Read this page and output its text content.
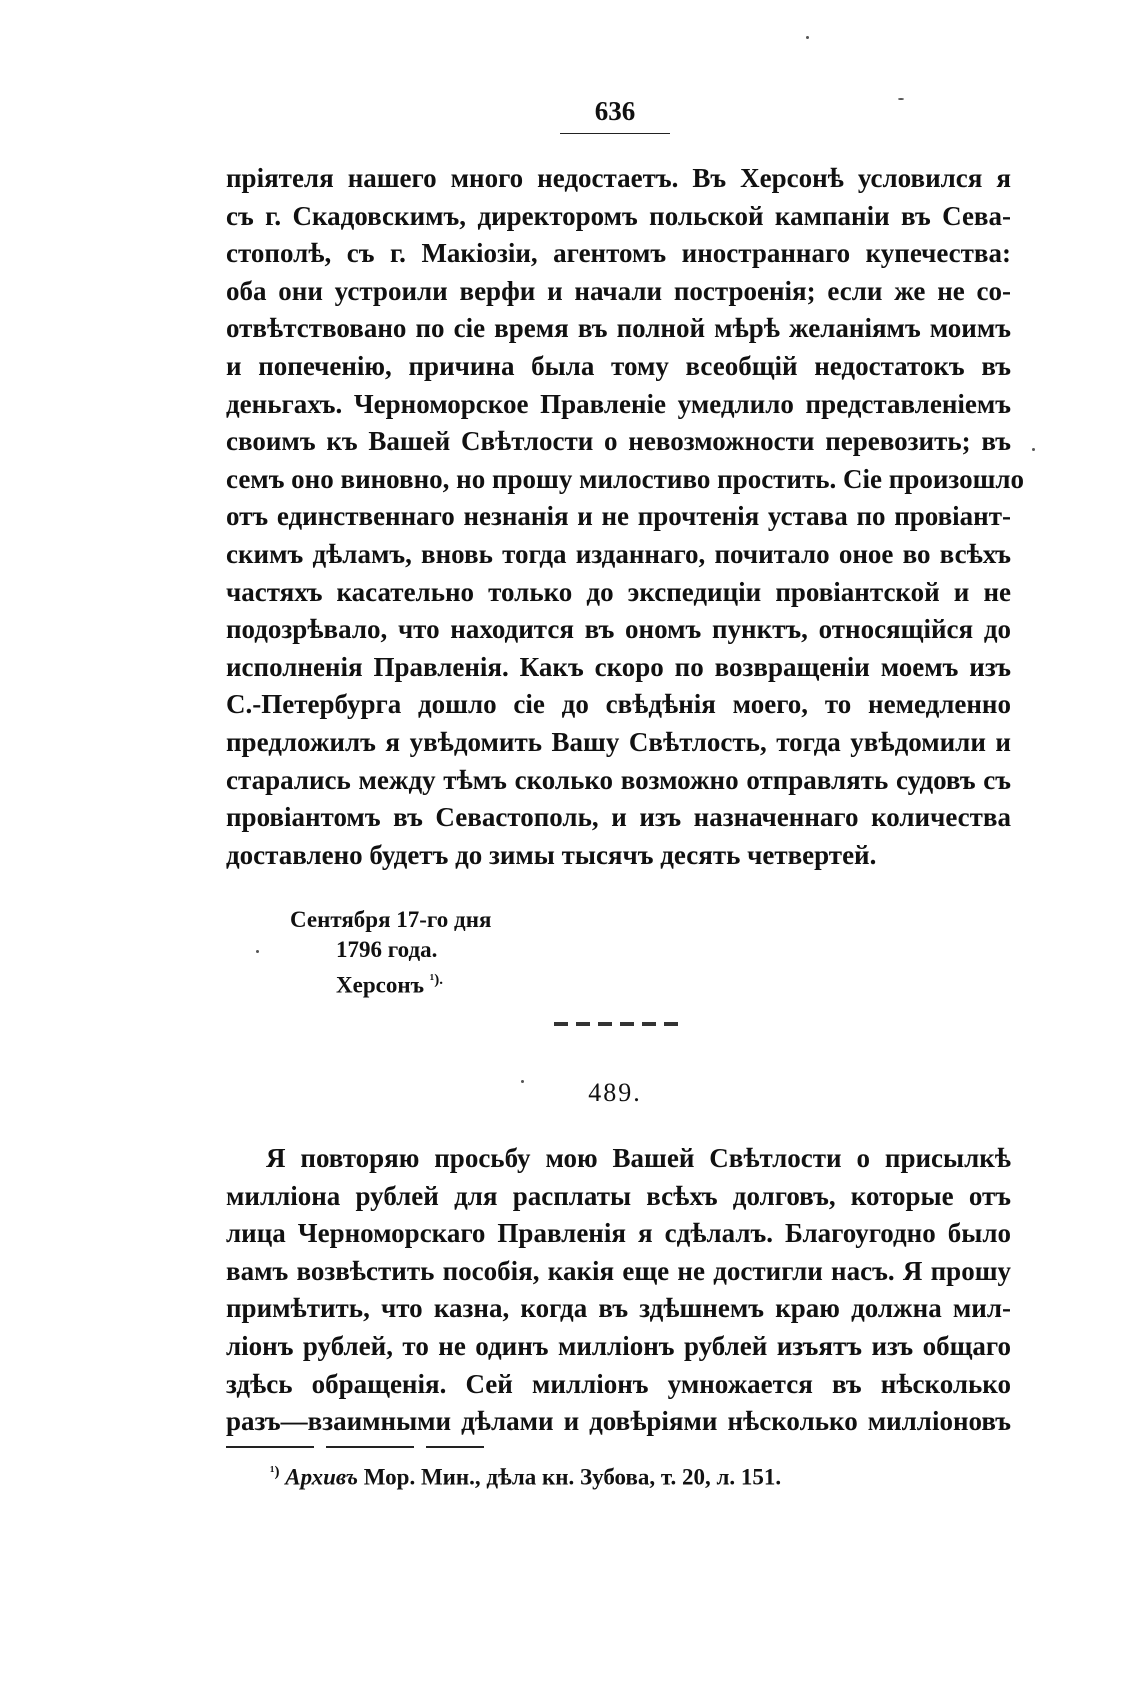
636
пріятеля нашего много недостаетъ. Въ Херсонѣ условился я
съ г. Скадовскимъ, директоромъ польской кампаніи въ Сева-
стополѣ, съ г. Макіозіи, агентомъ иностраннаго купечества:
оба они устроили верфи и начали построенія; если же не со-
отвѣтствовано по сіе время въ полной мѣрѣ желаніямъ моимъ
и попеченію, причина была тому всеобщій недостатокъ въ
деньгахъ. Черноморское Правленіе умедлило представленіемъ
своимъ къ Вашей Свѣтлости о невозможности перевозить; въ
семъ оно виновно, но прошу милостиво простить. Сіе произошло
отъ единственнаго незнанія и не прочтенія устава по провіант-
скимъ дѣламъ, вновь тогда изданнаго, почитало оное во всѣхъ
частяхъ касательно только до экспедиціи провіантской и не
подозрѣвало, что находится въ ономъ пунктъ, относящійся до
исполненія Правленія. Какъ скоро по возвращеніи моемъ изъ
С.-Петербурга дошло сіе до свѣдѣнія моего, то немедленно
предложилъ я увѣдомить Вашу Свѣтлость, тогда увѣдомили и
старались между тѣмъ сколько возможно отправлять судовъ съ
провіантомъ въ Севастополь, и изъ назначеннаго количества
доставлено будетъ до зимы тысячъ десять четвертей.
Сентября 17-го дня
1796 года.
Херсонъ $^{^1).}$
489.
Я повторяю просьбу мою Вашей Свѣтлости о присылкѣ
милліона рублей для расплаты всѣхъ долговъ, которые отъ
лица Черноморскаго Правленія я сдѣлалъ. Благоугодно было
вамъ возвѣстить пособія, какія еще не достигли насъ. Я прошу
примѣтить, что казна, когда въ здѣшнемъ краю должна мил-
ліонъ рублей, то не одинъ милліонъ рублей изъятъ изъ общаго
здѣсь обращенія. Сей милліонъ умножается въ нѣсколько
разъ—взаимными дѣлами и довѣріями нѣсколько милліоновъ
$^{^1)}$ Архивъ Мор. Мин., дѣла кн. Зубова, т. 20, л. 151.
